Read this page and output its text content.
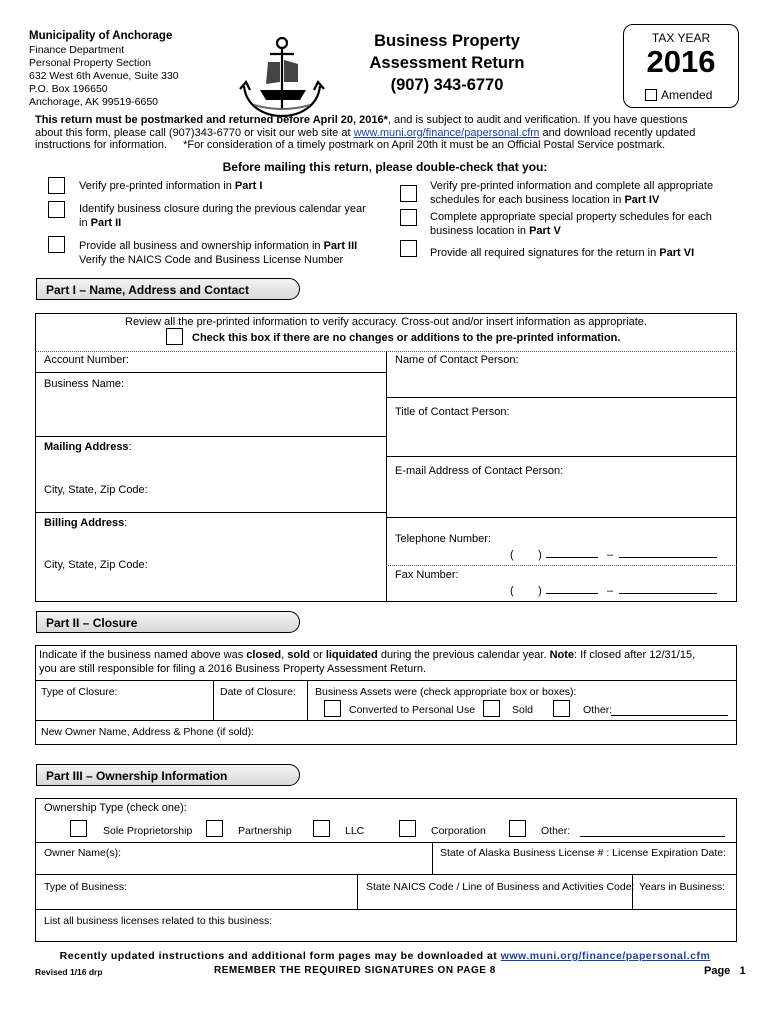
Municipality of Anchorage
Finance Department
Personal Property Section
632 West 6th Avenue, Suite 330
P.O. Box 196650
Anchorage, AK 99519-6650
Business Property
Assessment Return
(907) 343-6770
TAX YEAR
2016
Amended
This return must be postmarked and returned before April 20, 2016*, and is subject to audit and verification. If you have questions
about this form, please call (907)343-6770 or visit our web site at www.muni.org/finance/papersonal.cfm and download recently updated
instructions for information. *For consideration of a timely postmark on April 20th it must be an Official Postal Service postmark.
Before mailing this return, please double-check that you:
Verify pre-printed information in Part I
Identify business closure during the previous calendar year in Part II
Provide all business and ownership information in Part III
Verify the NAICS Code and Business License Number
Verify pre-printed information and complete all appropriate schedules for each business location in Part IV
Complete appropriate special property schedules for each business location in Part V
Provide all required signatures for the return in Part VI
Part I – Name, Address and Contact
Review all the pre-printed information to verify accuracy. Cross-out and/or insert information as appropriate.
Check this box if there are no changes or additions to the pre-printed information.
Account Number:
Business Name:
Mailing Address:
City, State, Zip Code:
Billing Address:
City, State, Zip Code:
Name of Contact Person:
Title of Contact Person:
E-mail Address of Contact Person:
Telephone Number:
(        )	–
Fax Number:
(        )	–
Part II – Closure
Indicate if the business named above was closed, sold or liquidated during the previous calendar year. Note: If closed after 12/31/15,
you are still responsible for filing a 2016 Business Property Assessment Return.
Type of Closure:	Date of Closure: Business Assets were (check appropriate box or boxes):
Converted to Personal Use	Sold	Other:
New Owner Name, Address & Phone (if sold):
Part III – Ownership Information
Ownership Type (check one):
Sole Proprietorship	Partnership	LLC	Corporation	Other:
Owner Name(s):	State of Alaska Business License # : License Expiration Date:
Type of Business:	State NAICS Code / Line of Business and Activities Code: Years in Business:
List all business licenses related to this business:
Recently updated instructions and additional form pages may be downloaded at www.muni.org/finance/papersonal.cfm
Revised 1/16 drp	REMEMBER THE REQUIRED SIGNATURES ON PAGE 8	Page 1
